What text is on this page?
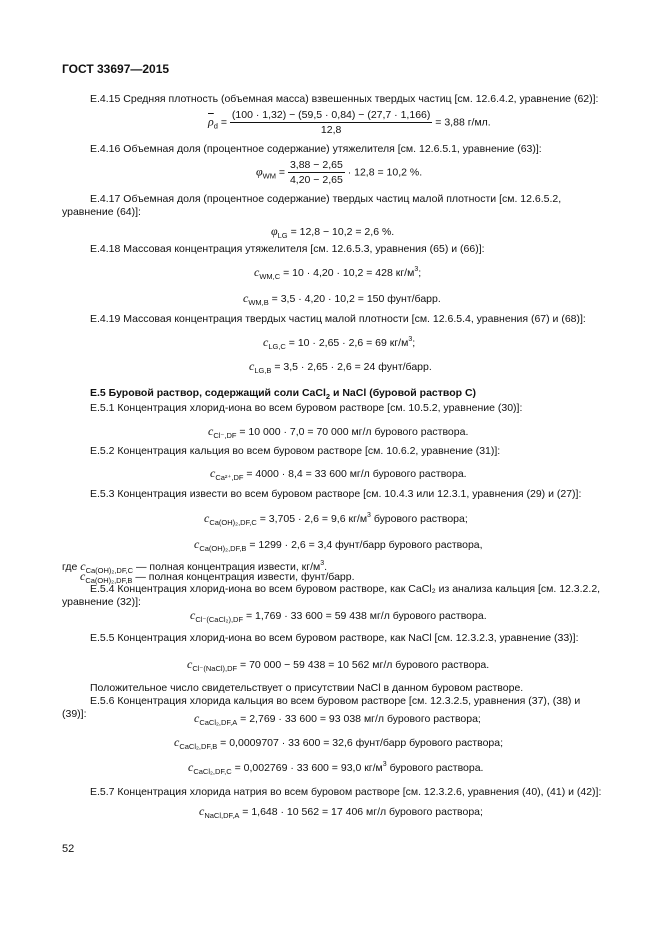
ГОСТ 33697—2015
Е.4.15 Средняя плотность (объемная масса) взвешенных твердых частиц [см. 12.6.4.2, уравнение (62)]:
$\overline{\rho}_d = \frac{(100 \cdot 1,32) - (59,5 \cdot 0,84) - (27,7 \cdot 1,166)}{12,8} = 3,88$ г/мл.
Е.4.16 Объемная доля (процентное содержание) утяжелителя [см. 12.6.5.1, уравнение (63)]:
$\varphi_{WM} = \frac{3,88 - 2,65}{4,20 - 2,65} \cdot 12,8 = 10,2$ %.
Е.4.17 Объемная доля (процентное содержание) твердых частиц малой плотности [см. 12.6.5.2, уравнение (64)]:
$\varphi_{LG} = 12,8 - 10,2 = 2,6$ %.
Е.4.18 Массовая концентрация утяжелителя [см. 12.6.5.3, уравнения (65) и (66)]:
$c_{WM,C} = 10 \cdot 4,20 \cdot 10,2 = 428$ $кг/м^3$;
$c_{WM,B} = 3,5 \cdot 4,20 \cdot 10,2 = 150$ фунт/барр.
Е.4.19 Массовая концентрация твердых частиц малой плотности [см. 12.6.5.4, уравнения (67) и (68)]:
$c_{LG,C} = 10 \cdot 2,65 \cdot 2,6 = 69$ $кг/м^3$;
$c_{LG,B} = 3,5 \cdot 2,65 \cdot 2,6 = 24$ фунт/барр.
Е.5 Буровой раствор, содержащий соли CaCl$_2$ и NaCl (буровой раствор С)
Е.5.1 Концентрация хлорид-иона во всем буровом растворе [см. 10.5.2, уравнение (30)]:
$c_{Cl^-,DF} = 10$ 000 · 7,0 = 70 000 мг/л бурового раствора.
Е.5.2 Концентрация кальция во всем буровом растворе [см. 10.6.2, уравнение (31)]:
$c_{Ca^{2+},DF} = 4000 \cdot 8,4 = 33$ 600 мг/л бурового раствора.
Е.5.3 Концентрация извести во всем буровом растворе [см. 10.4.3 или 12.3.1, уравнения (29) и (27)]:
$c_{Ca(OH)_2,DF,C} = 3,705 \cdot 2,6 = 9,6$ $кг/м^3$ бурового раствора;
$c_{Ca(OH)_2,DF,B} = 1299 \cdot 2,6 = 3,4$ фунт/барр бурового раствора,
где $c_{Ca(OH)_2,DF,C}$ — полная концентрация извести, $кг/м^3$.
$c_{Ca(OH)_2,DF,B}$ — полная концентрация извести, фунт/барр.
Е.5.4 Концентрация хлорид-иона во всем буровом растворе, как CaCl₂ из анализа кальция [см. 12.3.2.2, уравнение (32)]:
$c_{Cl^-(CaCl_2),DF} = 1,769 \cdot 33$ 600 = 59 438 мг/л бурового раствора.
Е.5.5 Концентрация хлорид-иона во всем буровом растворе, как NaCl [см. 12.3.2.3, уравнение (33)]:
$c_{Cl^-(NaCl),DF} = 70$ 000 − 59 438 = 10 562 мг/л бурового раствора.
Положительное число свидетельствует о присутствии NaCl в данном буровом растворе.
Е.5.6 Концентрация хлорида кальция во всем буровом растворе [см. 12.3.2.5, уравнения (37), (38) и (39)]:	$c_{CaCl_2,DF,A} = 2,769 \cdot 33$ 600 = 93 038 мг/л бурового раствора;
$c_{CaCl_2,DF,B} = 0,0009707 \cdot 33$ 600 = 32,6 фунт/барр бурового раствора;
$c_{CaCl_2,DF,C} = 0,002769 \cdot 33$ 600 = 93,0 $кг/м^3$ бурового раствора.
Е.5.7 Концентрация хлорида натрия во всем буровом растворе [см. 12.3.2.6, уравнения (40), (41) и (42)]:
$c_{NaCl,DF,A} = 1,648 \cdot 10$ 562 = 17 406 мг/л бурового раствора;
52
